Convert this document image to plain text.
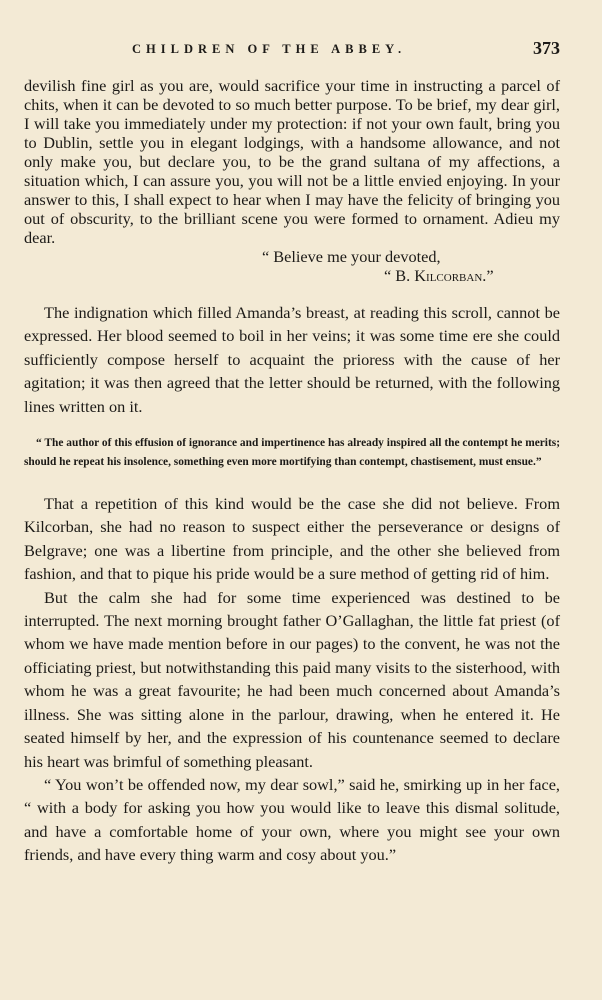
CHILDREN OF THE ABBEY.	373

devilish fine girl as you are, would sacrifice your time in instructing a parcel of chits, when it can be devoted to so much better purpose. To be brief, my dear girl, I will take you immediately under my protection: if not your own fault, bring you to Dublin, settle you in elegant lodgings, with a handsome allowance, and not only make you, but declare you, to be the grand sultana of my affections, a situation which, I can assure you, you will not be a little envied enjoying. In your answer to this, I shall expect to hear when I may have the felicity of bringing you out of obscurity, to the brilliant scene you were formed to ornament. Adieu my dear.

“ Believe me your devoted,
“ B. Kilcorban.”

The indignation which filled Amanda’s breast, at reading this scroll, cannot be expressed. Her blood seemed to boil in her veins; it was some time ere she could sufficiently compose herself to acquaint the prioress with the cause of her agitation; it was then agreed that the letter should be returned, with the following lines written on it.

“ The author of this effusion of ignorance and impertinence has already inspired all the contempt he merits; should he repeat his insolence, something even more mortifying than contempt, chastisement, must ensue.”

That a repetition of this kind would be the case she did not believe. From Kilcorban, she had no reason to suspect either the perseverance or designs of Belgrave; one was a libertine from principle, and the other she believed from fashion, and that to pique his pride would be a sure method of getting rid of him.

But the calm she had for some time experienced was destined to be interrupted. The next morning brought father O’Gallaghan, the little fat priest (of whom we have made mention before in our pages) to the convent, he was not the officiating priest, but notwithstanding this paid many visits to the sisterhood, with whom he was a great favourite; he had been much concerned about Amanda’s illness. She was sitting alone in the parlour, drawing, when he entered it. He seated himself by her, and the expression of his countenance seemed to declare his heart was brimful of something pleasant.

“ You won’t be offended now, my dear sowl,” said he, smirking up in her face, “ with a body for asking you how you would like to leave this dismal solitude, and have a comfortable home of your own, where you might see your own friends, and have every thing warm and cosy about you.”
